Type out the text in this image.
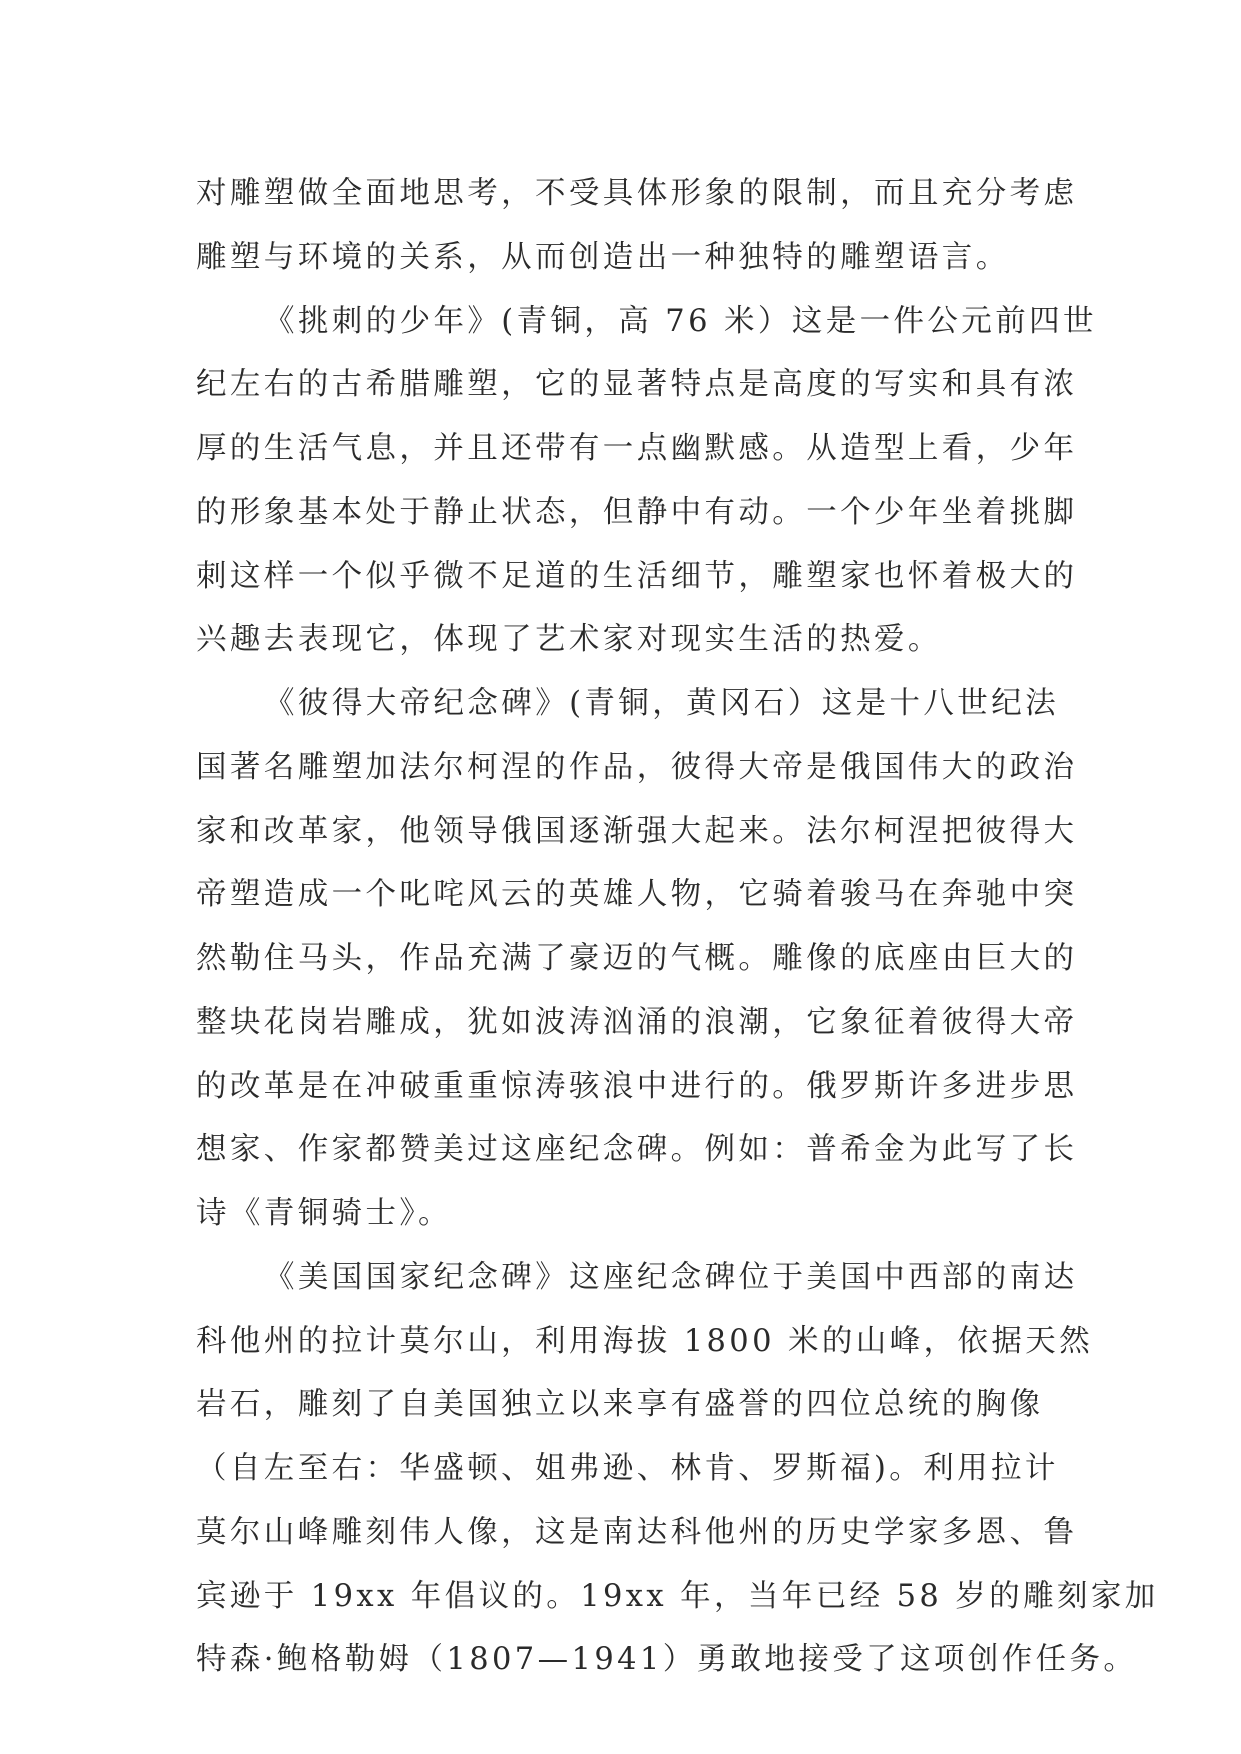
对雕塑做全面地思考，不受具体形象的限制，而且充分考虑
雕塑与环境的关系，从而创造出一种独特的雕塑语言。

《挑刺的少年》(青铜，高 76 米）这是一件公元前四世
纪左右的古希腊雕塑，它的显著特点是高度的写实和具有浓
厚的生活气息，并且还带有一点幽默感。从造型上看，少年
的形象基本处于静止状态，但静中有动。一个少年坐着挑脚
刺这样一个似乎微不足道的生活细节，雕塑家也怀着极大的
兴趣去表现它，体现了艺术家对现实生活的热爱。

《彼得大帝纪念碑》(青铜，黄冈石）这是十八世纪法
国著名雕塑加法尔柯涅的作品，彼得大帝是俄国伟大的政治
家和改革家，他领导俄国逐渐强大起来。法尔柯涅把彼得大
帝塑造成一个叱咤风云的英雄人物，它骑着骏马在奔驰中突
然勒住马头，作品充满了豪迈的气概。雕像的底座由巨大的
整块花岗岩雕成，犹如波涛汹涌的浪潮，它象征着彼得大帝
的改革是在冲破重重惊涛骇浪中进行的。俄罗斯许多进步思
想家、作家都赞美过这座纪念碑。例如：普希金为此写了长
诗《青铜骑士》。

《美国国家纪念碑》这座纪念碑位于美国中西部的南达
科他州的拉计莫尔山，利用海拔 1800 米的山峰，依据天然
岩石，雕刻了自美国独立以来享有盛誉的四位总统的胸像
（自左至右：华盛顿、姐弗逊、林肯、罗斯福)。利用拉计
莫尔山峰雕刻伟人像，这是南达科他州的历史学家多恩、鲁
宾逊于 19xx 年倡议的。19xx 年，当年已经 58 岁的雕刻家加
特森·鲍格勒姆（1807—1941）勇敢地接受了这项创作任务。
